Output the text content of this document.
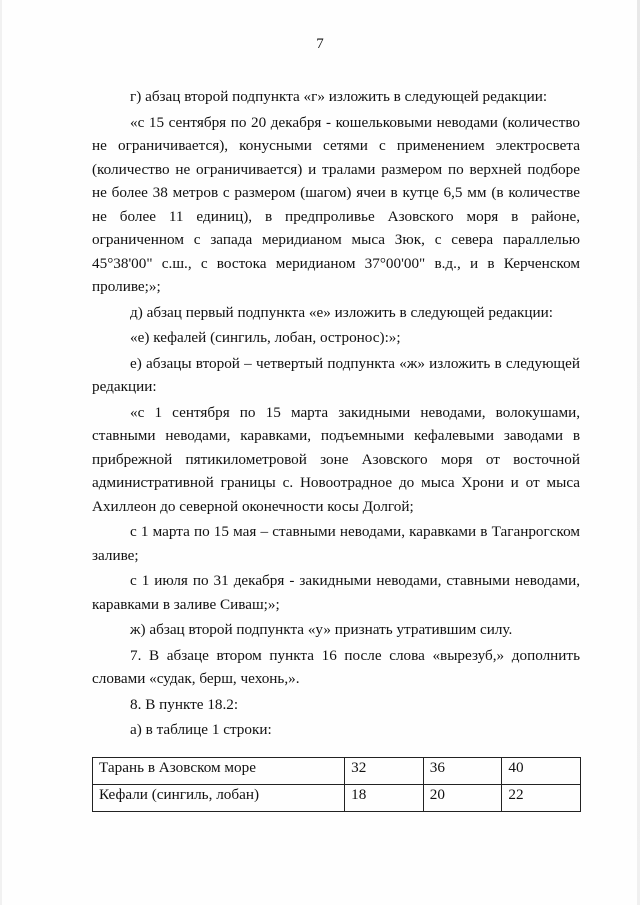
7

г) абзац второй подпункта «г» изложить в следующей редакции:

«с 15 сентября по 20 декабря - кошельковыми неводами (количество не ограничивается), конусными сетями с применением электросвета (количество не ограничивается) и тралами размером по верхней подборе не более 38 метров с размером (шагом) ячеи в кутце 6,5 мм (в количестве не более 11 единиц), в предпроливье Азовского моря в районе, ограниченном с запада меридианом мыса Зюк, с севера параллелью 45°38'00" с.ш., с востока меридианом 37°00'00" в.д., и в Керченском проливе;»;

д) абзац первый подпункта «е» изложить в следующей редакции:

«е) кефалей (сингиль, лобан, остронос):»;

е) абзацы второй – четвертый подпункта «ж» изложить в следующей редакции:

«с 1 сентября по 15 марта закидными неводами, волокушами, ставными неводами, каравками, подъемными кефалевыми заводами в прибрежной пятикилометровой зоне Азовского моря от восточной административной границы с. Новоотрадное до мыса Хрони и от мыса Ахиллеон до северной оконечности косы Долгой;

с 1 марта по 15 мая – ставными неводами, каравками в Таганрогском заливе;

с 1 июля по 31 декабря - закидными неводами, ставными неводами, каравками в заливе Сиваш;»;

ж) абзац второй подпункта «у» признать утратившим силу.

7. В абзаце втором пункта 16 после слова «вырезуб,» дополнить словами «судак, берш, чехонь,».

8. В пункте 18.2:

а) в таблице 1 строки:

Тарань в Азовском море	32	36	40
Кефали (сингиль, лобан)	18	20	22
